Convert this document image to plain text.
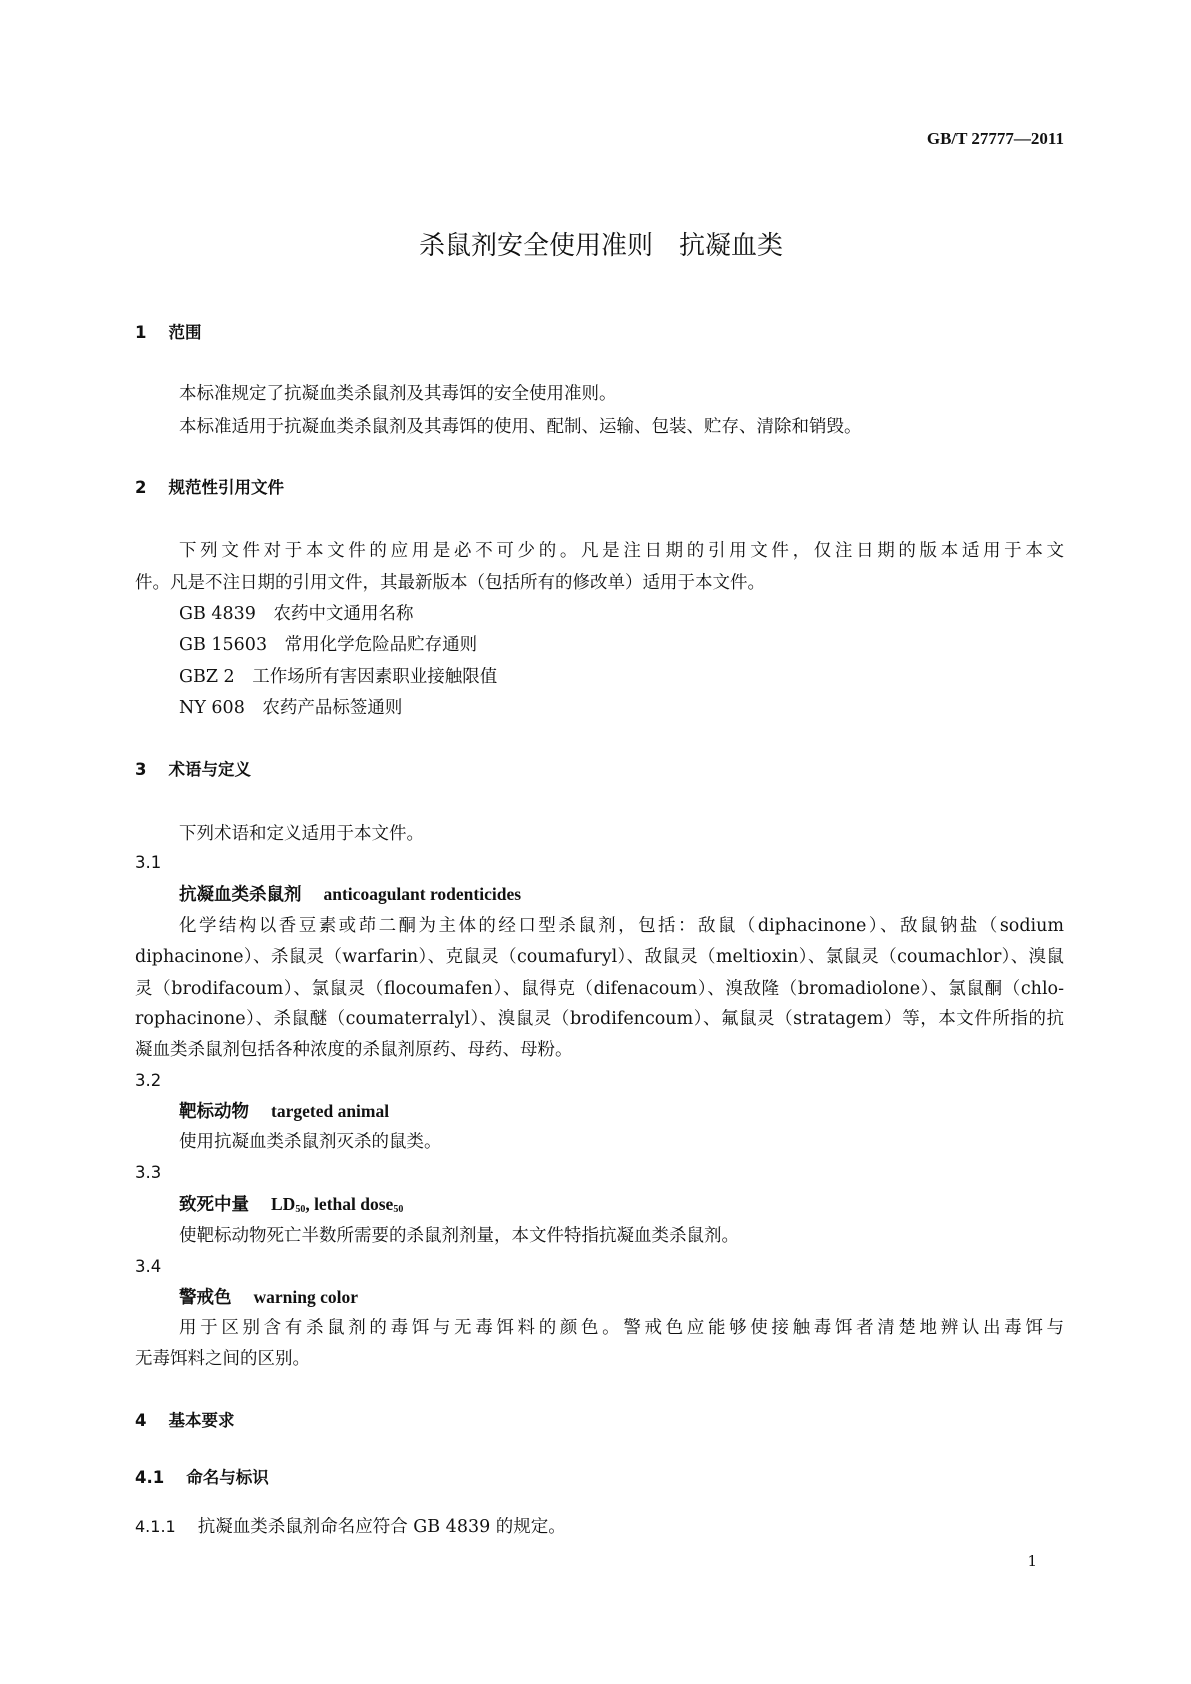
GB/T 27777—2011
杀鼠剂安全使用准则　抗凝血类
1 范围
本标准规定了抗凝血类杀鼠剂及其毒饵的安全使用准则。
本标准适用于抗凝血类杀鼠剂及其毒饵的使用、配制、运输、包装、贮存、清除和销毁。
2 规范性引用文件
下列文件对于本文件的应用是必不可少的。凡是注日期的引用文件，仅注日期的版本适用于本文
件。凡是不注日期的引用文件，其最新版本（包括所有的修改单）适用于本文件。
GB 4839　 农药中文通用名称
GB 15603　 常用化学危险品贮存通则
GBZ 2　 工作场所有害因素职业接触限值
NY 608　 农药产品标签通则
3 术语与定义
下列术语和定义适用于本文件。
3.1
抗凝血类杀鼠剂 anticoagulant rodenticides
化学结构以香豆素或茚二酮为主体的经口型杀鼠剂，包括：敌鼠（diphacinone）、敌鼠钠盐（sodium
diphacinone）、杀鼠灵（warfarin）、克鼠灵（coumafuryl）、敌鼠灵（meltioxin）、氯鼠灵（coumachlor）、溴鼠
灵（brodifacoum）、氯鼠灵（flocoumafen）、鼠得克（difenacoum）、溴敌隆（bromadiolone）、氯鼠酮（chlo-
rophacinone）、杀鼠醚（coumaterralyl）、溴鼠灵（brodifencoum）、氟鼠灵（stratagem）等，本文件所指的抗
凝血类杀鼠剂包括各种浓度的杀鼠剂原药、母药、母粉。
3.2
靶标动物 targeted animal
使用抗凝血类杀鼠剂灭杀的鼠类。
3.3
致死中量 $LD_{50}$, lethal dose$_{50}$
使靶标动物死亡半数所需要的杀鼠剂剂量，本文件特指抗凝血类杀鼠剂。
3.4
警戒色 warning color
用于区别含有杀鼠剂的毒饵与无毒饵料的颜色。警戒色应能够使接触毒饵者清楚地辨认出毒饵与
无毒饵料之间的区别。
4 基本要求
4.1 命名与标识
4.1.1 抗凝血类杀鼠剂命名应符合 GB 4839 的规定。
1
